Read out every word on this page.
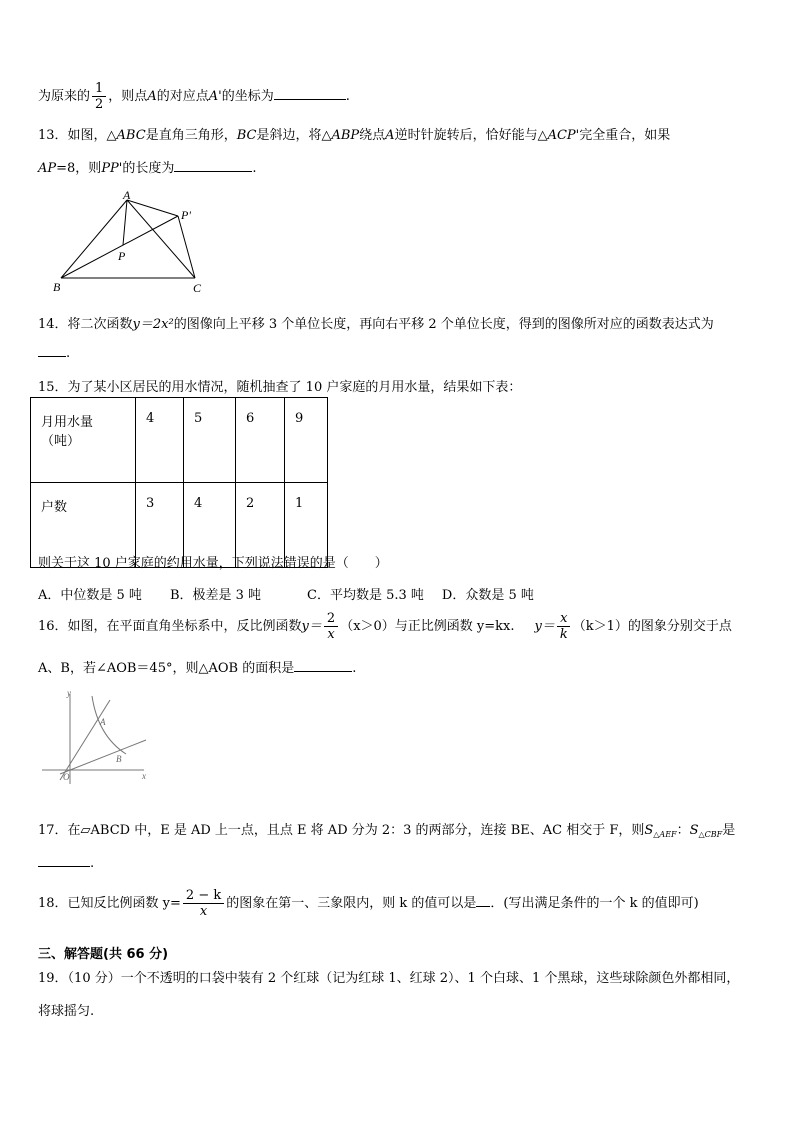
为原来的 $\frac{1}{2}$ ，则点A的对应点A'的坐标为	.
13．如图，△ABC是直角三角形，BC是斜边，将△ABP绕点A逆时针旋转后，恰好能与△ACP'完全重合，如果
AP=8，则PP'的长度为	.
A
P'
P
B	C
14．将二次函数y＝2x²的图像向上平移 3 个单位长度，再向右平移 2 个单位长度，得到的图像所对应的函数表达式为
.
15．为了某小区居民的用水情况，随机抽查了 10 户家庭的月用水量，结果如下表：
月用水量（吨）	4	5	6	9
户数	3	4	2	1
则关于这 10 户家庭的约用水量，下列说法错误的是（　　）
A．中位数是 5 吨 B．极差是 3 吨	C．平均数是 5.3 吨 D．众数是 5 吨
16．如图，在平面直角坐标系中，反比例函数$y= \frac{2}{x} (x>0)$与正比例函数 y=kx. $y= \frac{x}{k} (k>1)$的图象分别交于点
A、B，若∠AOB＝45°，则△AOB 的面积是	.
y
x
O
A
B
17．在▱ABCD 中，E 是 AD 上一点，且点 E 将 AD 分为 2：3 的两部分，连接 BE、AC 相交于 F，则$S_{\triangle AEF}$：$S_{\triangle CBF}$是
.
18．已知反比例函数 $y= \frac{2 - k}{x}$ 的图象在第一、三象限内，则 k 的值可以是 ．(写出满足条件的一个 k 的值即可)
三、解答题(共 66 分)
19．（10 分）一个不透明的口袋中装有 2 个红球（记为红球 1、红球 2）、1 个白球、1 个黑球，这些球除颜色外都相同，
将球摇匀.
